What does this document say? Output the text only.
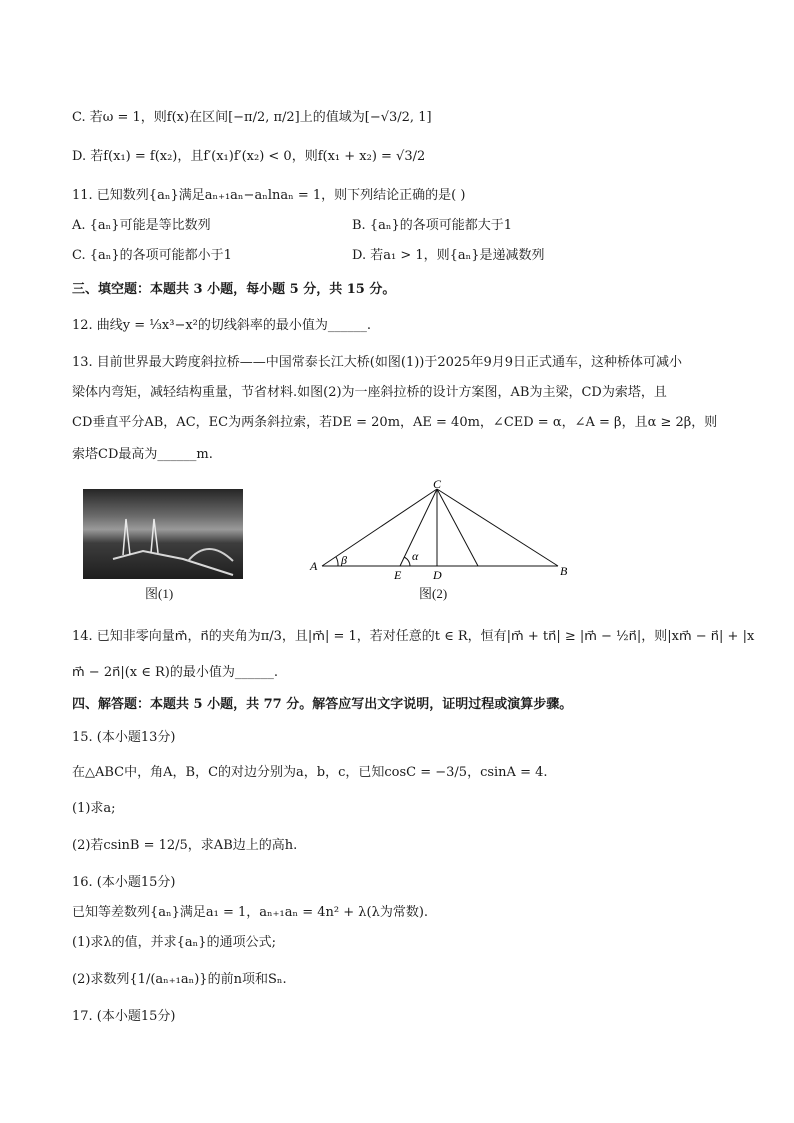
C. 若ω = 1，则f(x)在区间[−π/2, π/2]上的值域为[−√3/2, 1]
D. 若f(x₁) = f(x₂)，且f′(x₁)f′(x₂) < 0，则f(x₁ + x₂) = √3/2
11. 已知数列{aₙ}满足aₙ₊₁aₙ−aₙlnaₙ = 1，则下列结论正确的是( )
A. {aₙ}可能是等比数列	B. {aₙ}的各项可能都大于1
C. {aₙ}的各项可能都小于1	D. 若a₁ > 1，则{aₙ}是递减数列
三、填空题：本题共 3 小题，每小题 5 分，共 15 分。
12. 曲线y = ⅓x³−x²的切线斜率的最小值为______.
13. 目前世界最大跨度斜拉桥——中国常泰长江大桥(如图(1))于2025年9月9日正式通车，这种桥体可减小
梁体内弯矩，减轻结构重量，节省材料.如图(2)为一座斜拉桥的设计方案图，AB为主梁，CD为索塔，且
CD垂直平分AB，AC，EC为两条斜拉索，若DE = 20m，AE = 40m，∠CED = α，∠A = β，且α ≥ 2β，则
索塔CD最高为______m.
图(1)
A	B
C
D
E
α
β
图(2)
14. 已知非零向量m⃗，n⃗的夹角为π/3，且|m⃗| = 1，若对任意的t ∈ R，恒有|m⃗ + tn⃗| ≥ |m⃗ − ½n⃗|，则|xm⃗ − n⃗| + |x
m⃗ − 2n⃗|(x ∈ R)的最小值为______.
四、解答题：本题共 5 小题，共 77 分。解答应写出文字说明，证明过程或演算步骤。
15. (本小题13分)
在△ABC中，角A，B，C的对边分别为a，b，c，已知cosC = −3/5，csinA = 4.
(1)求a;
(2)若csinB = 12/5，求AB边上的高h.
16. (本小题15分)
已知等差数列{aₙ}满足a₁ = 1，aₙ₊₁aₙ = 4n² + λ(λ为常数).
(1)求λ的值，并求{aₙ}的通项公式;
(2)求数列{1/(aₙ₊₁aₙ)}的前n项和Sₙ.
17. (本小题15分)
